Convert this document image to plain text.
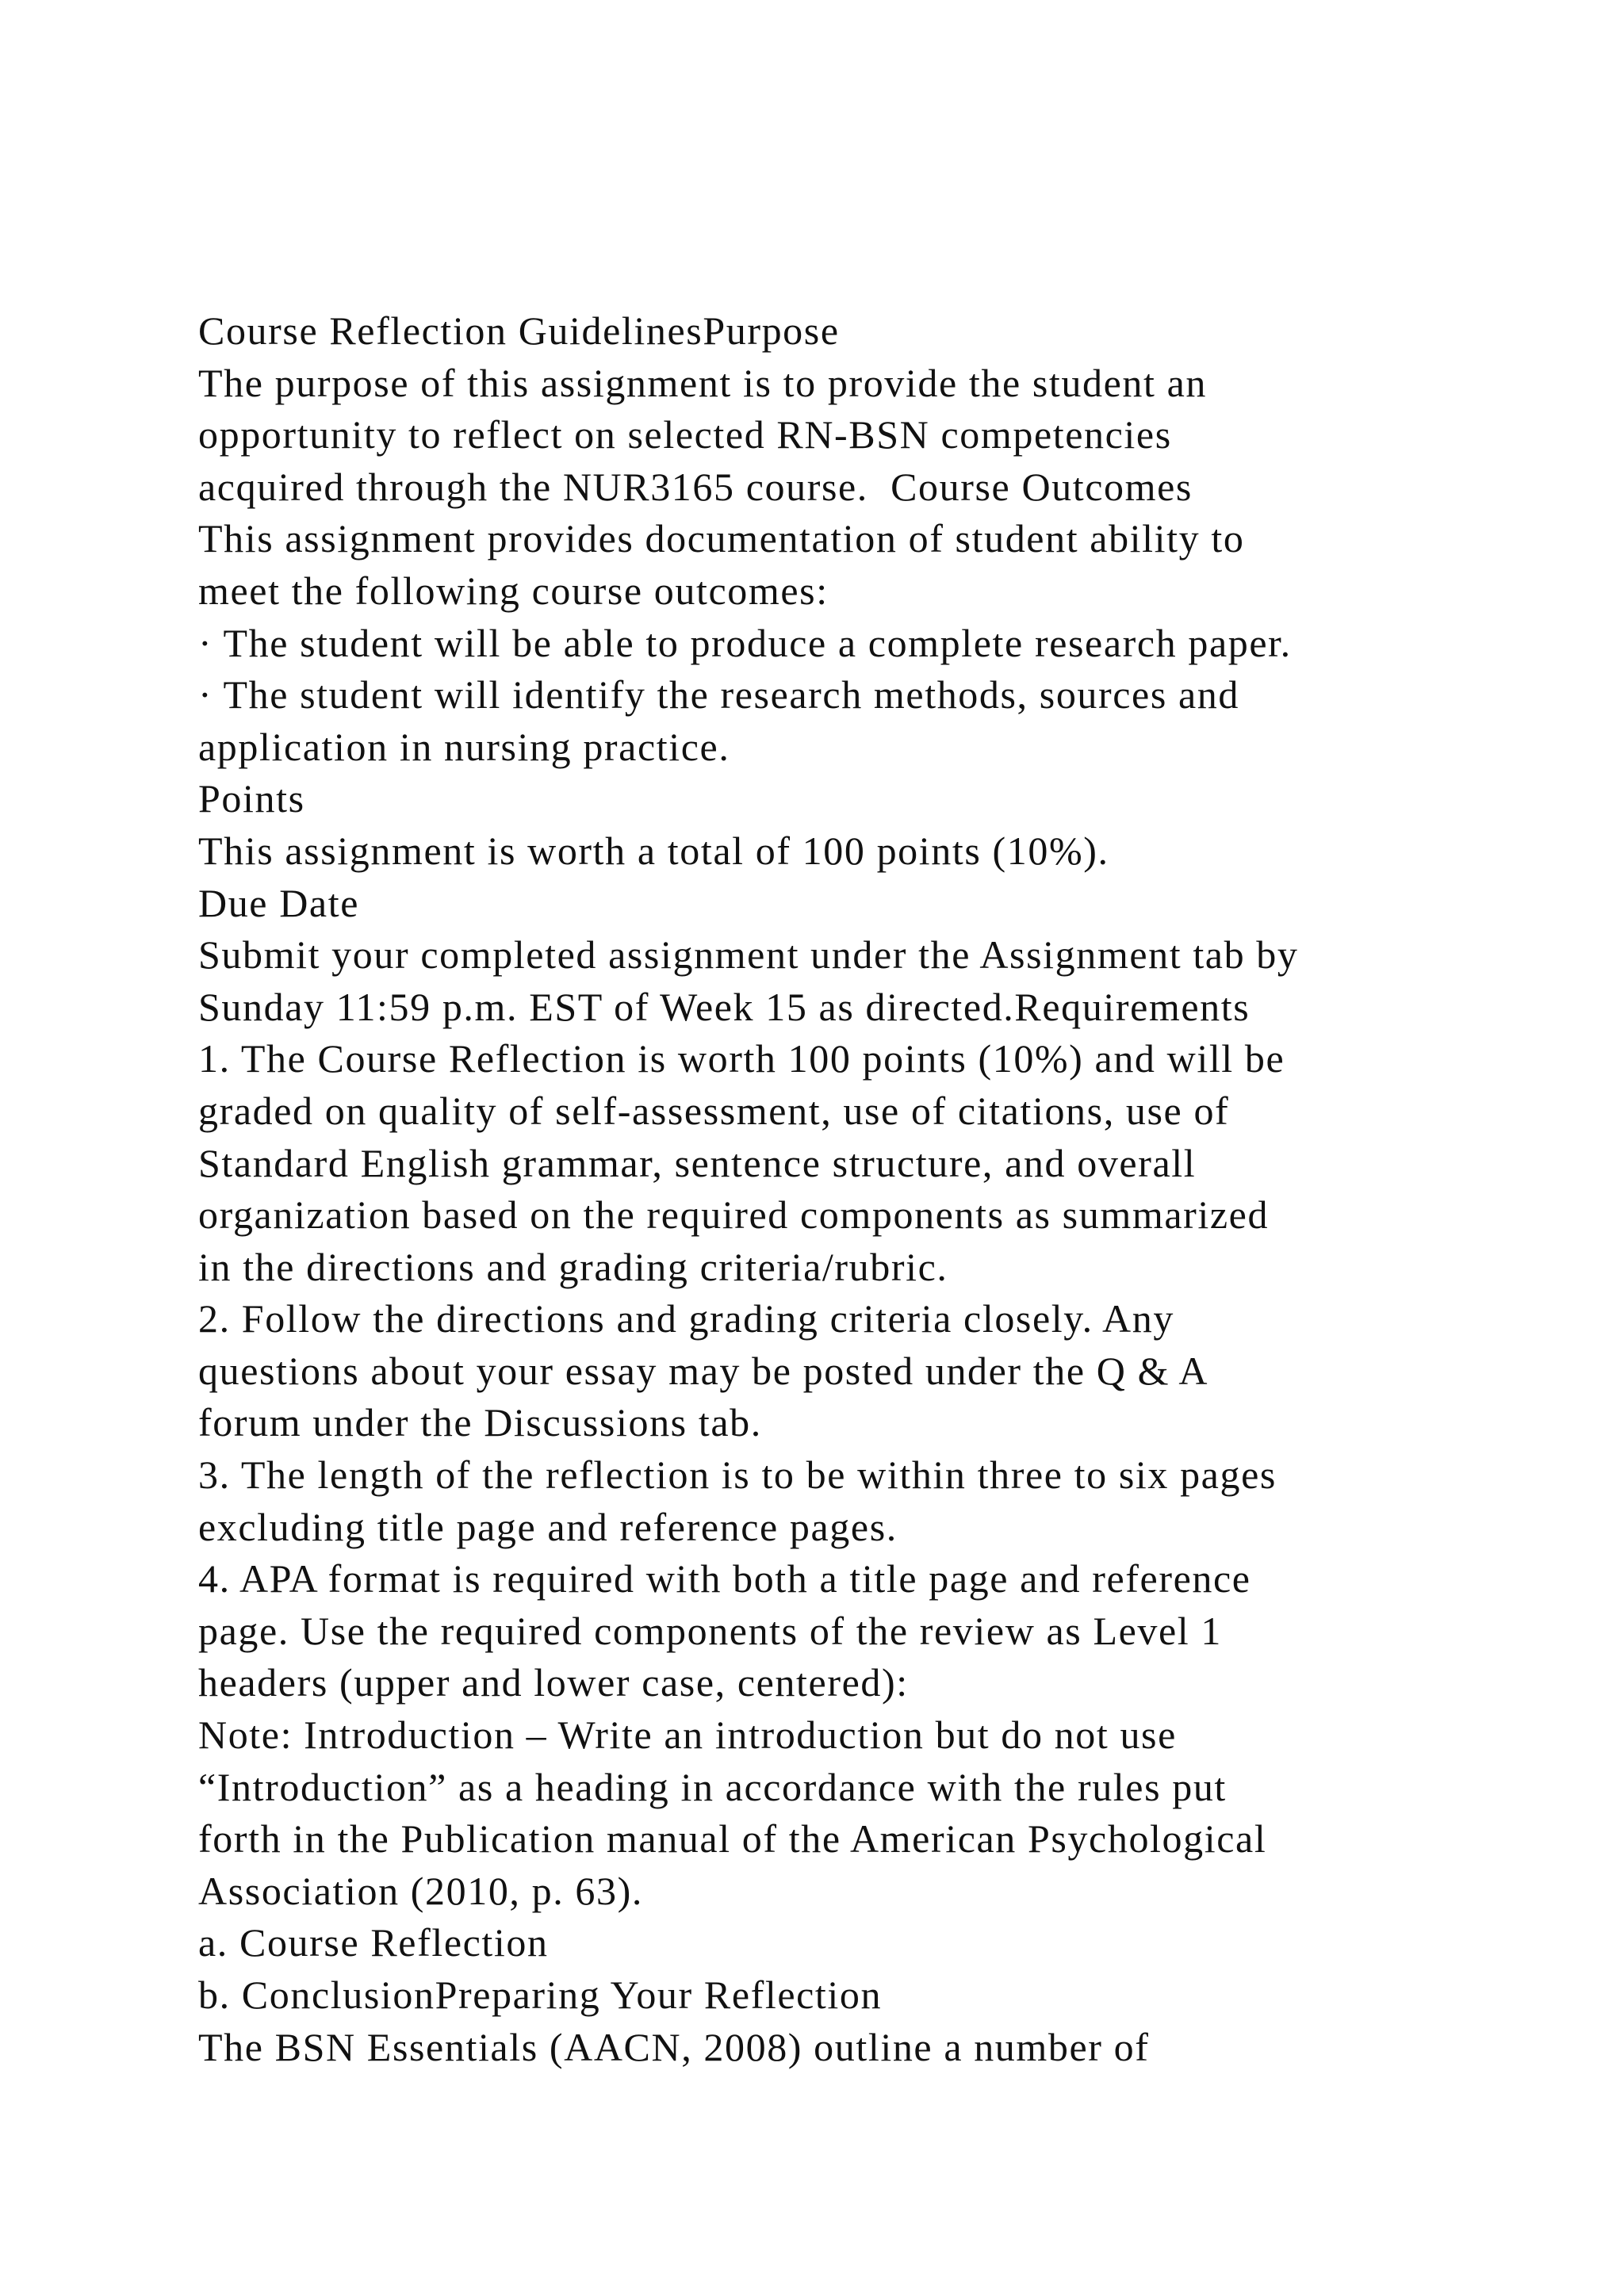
Course Reflection GuidelinesPurpose
The purpose of this assignment is to provide the student an
opportunity to reflect on selected RN-BSN competencies
acquired through the NUR3165 course.  Course Outcomes
This assignment provides documentation of student ability to
meet the following course outcomes:
· The student will be able to produce a complete research paper.
· The student will identify the research methods, sources and
application in nursing practice.
Points
This assignment is worth a total of 100 points (10%).
Due Date
Submit your completed assignment under the Assignment tab by
Sunday 11:59 p.m. EST of Week 15 as directed.Requirements
1. The Course Reflection is worth 100 points (10%) and will be
graded on quality of self-assessment, use of citations, use of
Standard English grammar, sentence structure, and overall
organization based on the required components as summarized
in the directions and grading criteria/rubric.
2. Follow the directions and grading criteria closely. Any
questions about your essay may be posted under the Q & A
forum under the Discussions tab.
3. The length of the reflection is to be within three to six pages
excluding title page and reference pages.
4. APA format is required with both a title page and reference
page. Use the required components of the review as Level 1
headers (upper and lower case, centered):
Note: Introduction – Write an introduction but do not use
“Introduction” as a heading in accordance with the rules put
forth in the Publication manual of the American Psychological
Association (2010, p. 63).
a. Course Reflection
b. ConclusionPreparing Your Reflection
The BSN Essentials (AACN, 2008) outline a number of
